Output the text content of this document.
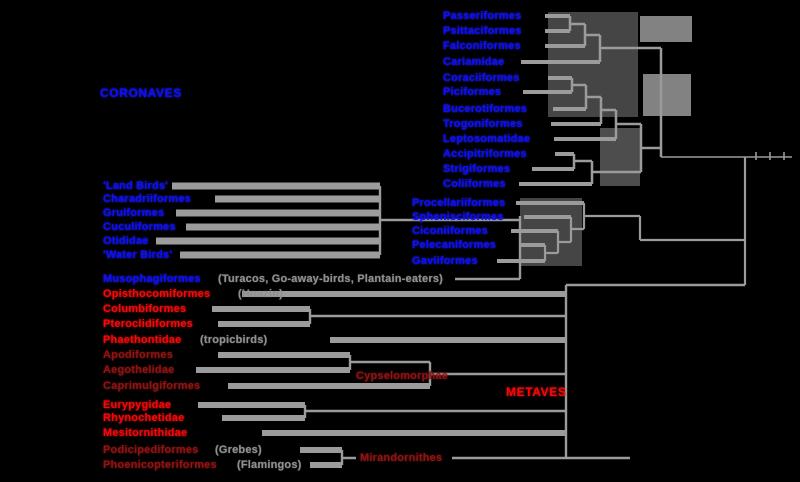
CORONAVES
METAVES
Cypselomorphae
Mirandornithes
Passeriformes
Psittaciformes
Falconiformes
Cariamidae
Coraciiformes
Piciformes
Bucerotiformes
Trogoniformes
Leptosomatidae
Accipitriformes
Strigiformes
Coliiformes
Procellariiformes
Sphenisciformes
Ciconiiformes
Pelecaniformes
Gaviiformes
'Land Birds'
Charadriiformes
Gruiformes
Cuculiformes
Otididae
'Water Birds'
Musophagiformes (Turacos, Go-away-birds, Plantain-eaters)
Opisthocomiformes	(Hoazin)
Columbiformes
Pteroclidiformes
Phaethontidae (tropicbirds)
Apodiformes
Aegothelidae
Caprimulgiformes
Eurypygidae
Rhynochetidae
Mesitornithidae
Podicipediformes (Grebes)
Phoenicopteriformes (Flamingos)
